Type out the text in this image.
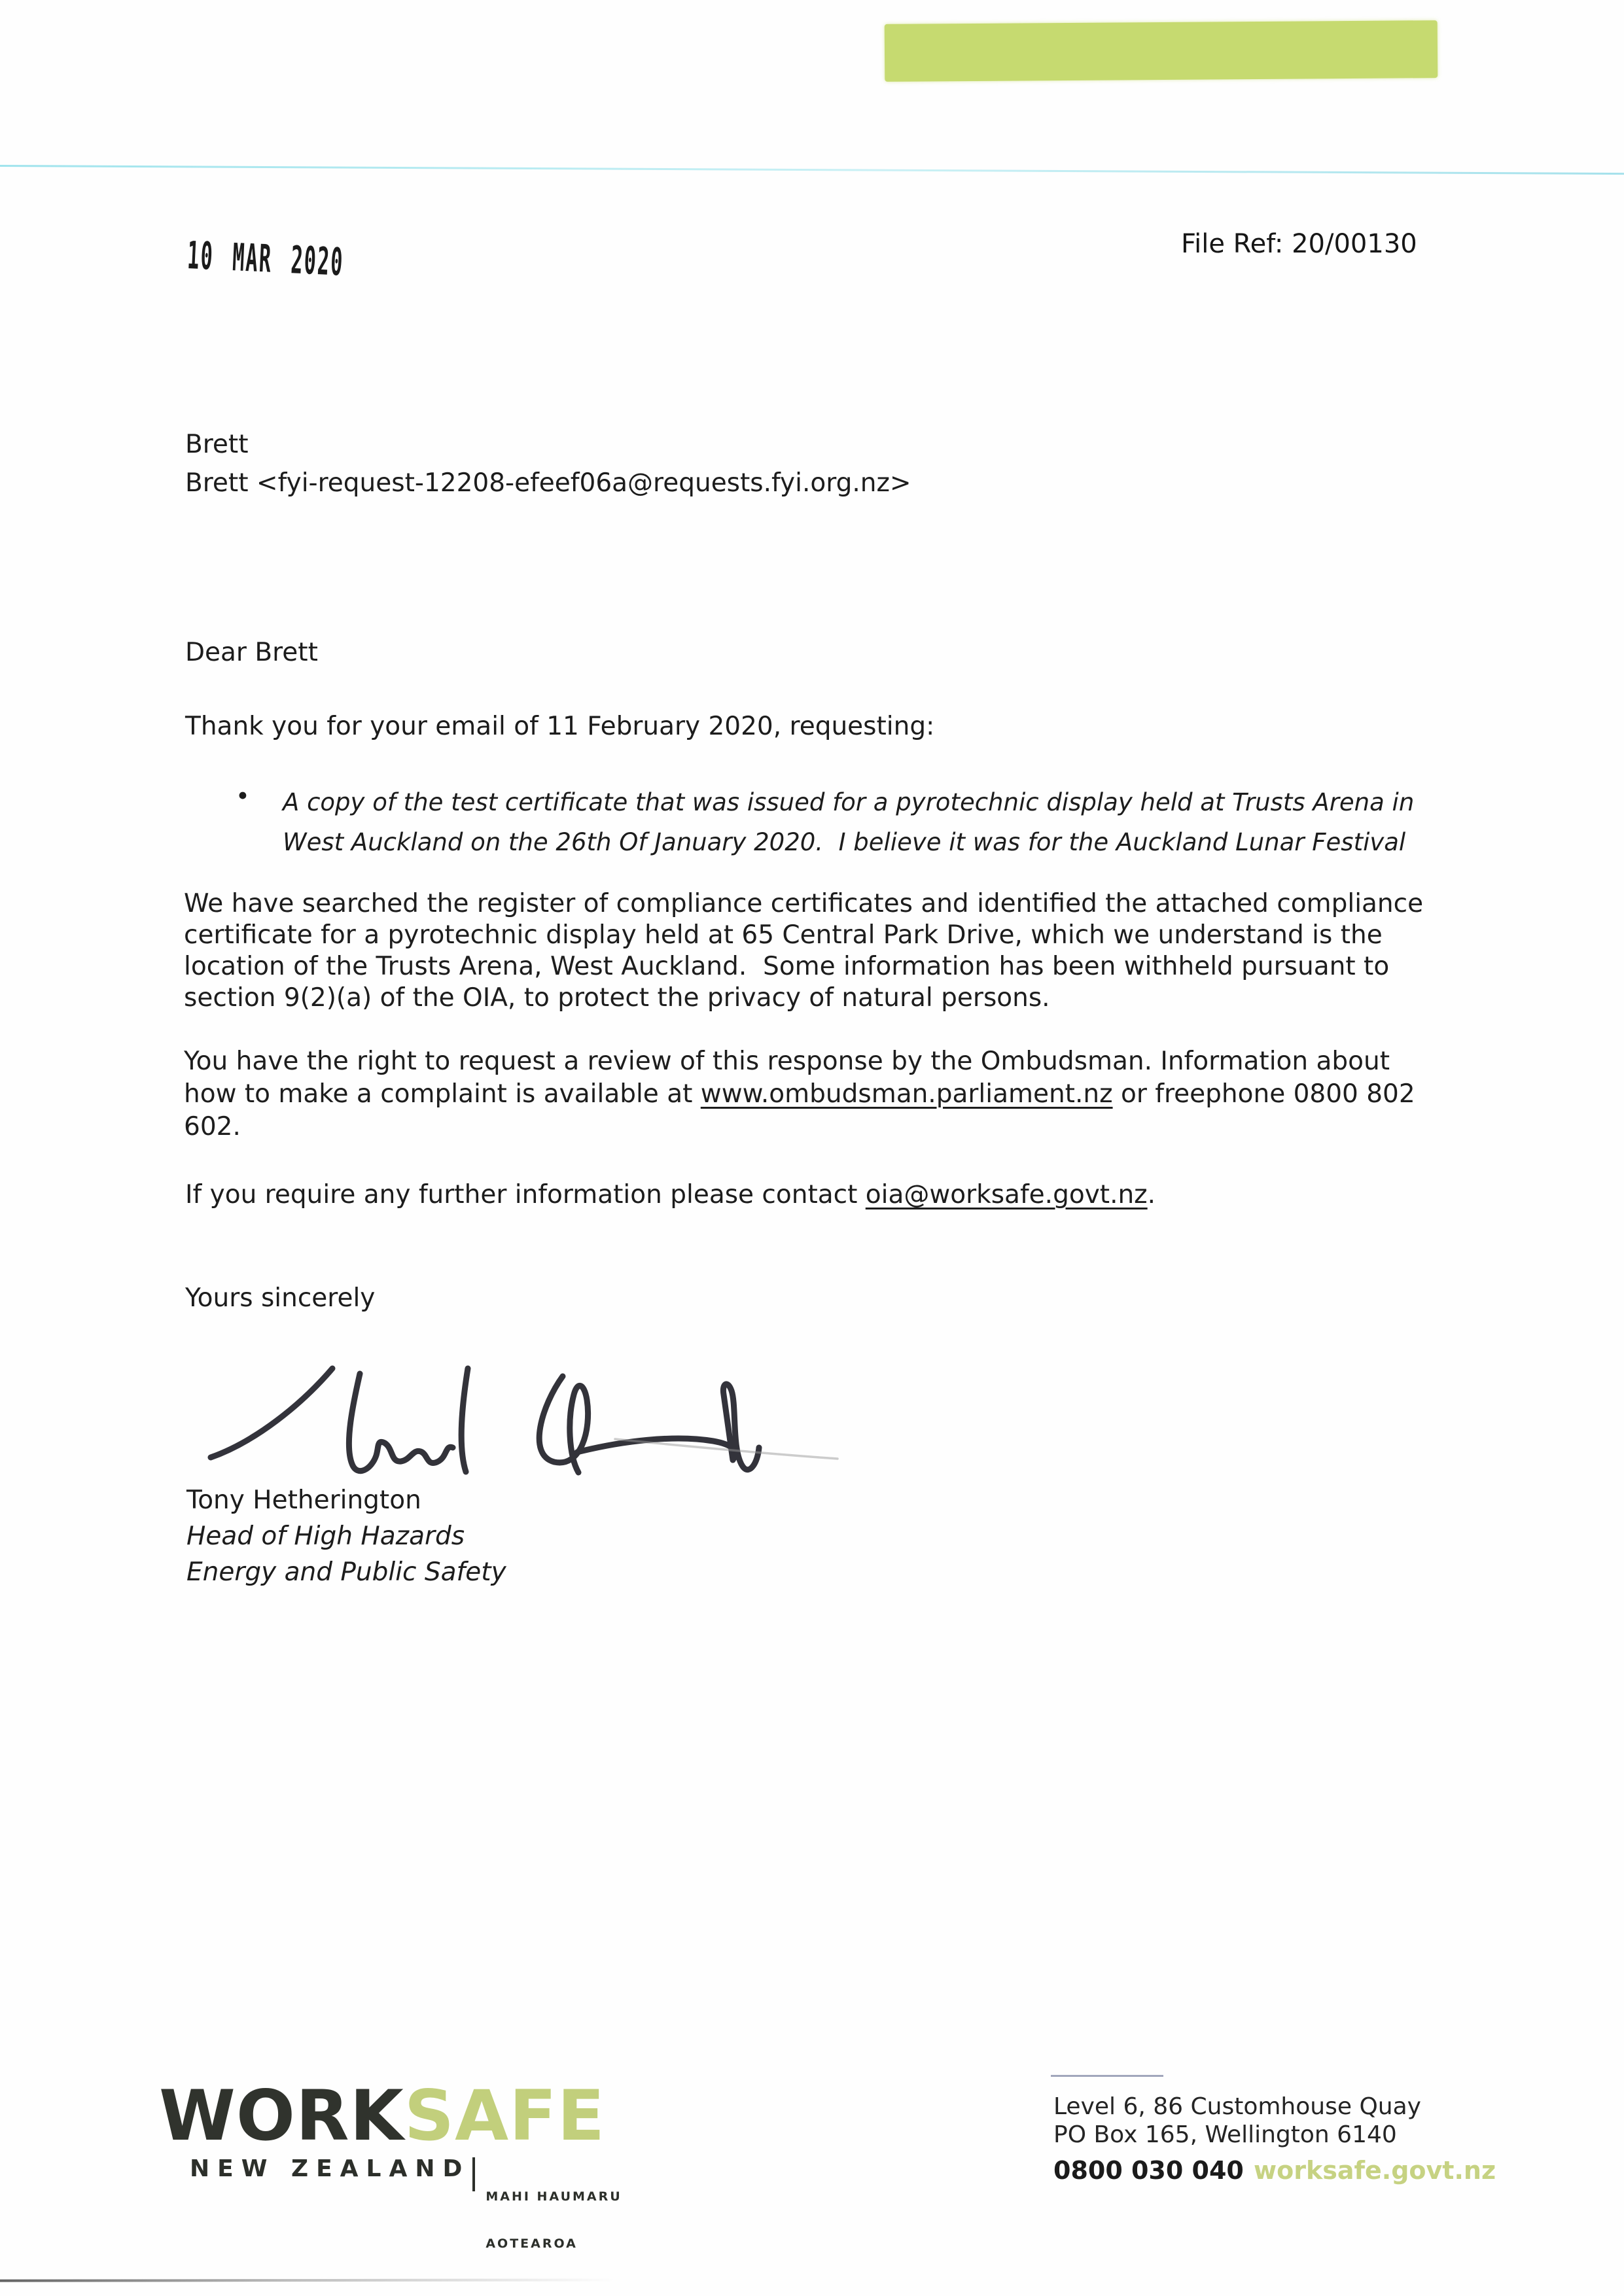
10 MAR 2020	File Ref: 20/00130
Brett
Brett <fyi-request-12208-efeef06a@requests.fyi.org.nz>
Dear Brett
Thank you for your email of 11 February 2020, requesting:
• A copy of the test certificate that was issued for a pyrotechnic display held at Trusts Arena in
West Auckland on the 26th Of January 2020.  I believe it was for the Auckland Lunar Festival
We have searched the register of compliance certificates and identified the attached compliance
certificate for a pyrotechnic display held at 65 Central Park Drive, which we understand is the
location of the Trusts Arena, West Auckland.  Some information has been withheld pursuant to
section 9(2)(a) of the OIA, to protect the privacy of natural persons.
You have the right to request a review of this response by the Ombudsman. Information about
how to make a complaint is available at www.ombudsman.parliament.nz or freephone 0800 802
602.
If you require any further information please contact oia@worksafe.govt.nz.
Yours sincerely
Tony Hetherington
Head of High Hazards
Energy and Public Safety
WORKSAFE
NEW ZEALAND

MAHI HAUMARU

AOTEAROA

Level 6, 86 Customhouse Quay
PO Box 165, Wellington 6140
0800 030 040 worksafe.govt.nz
